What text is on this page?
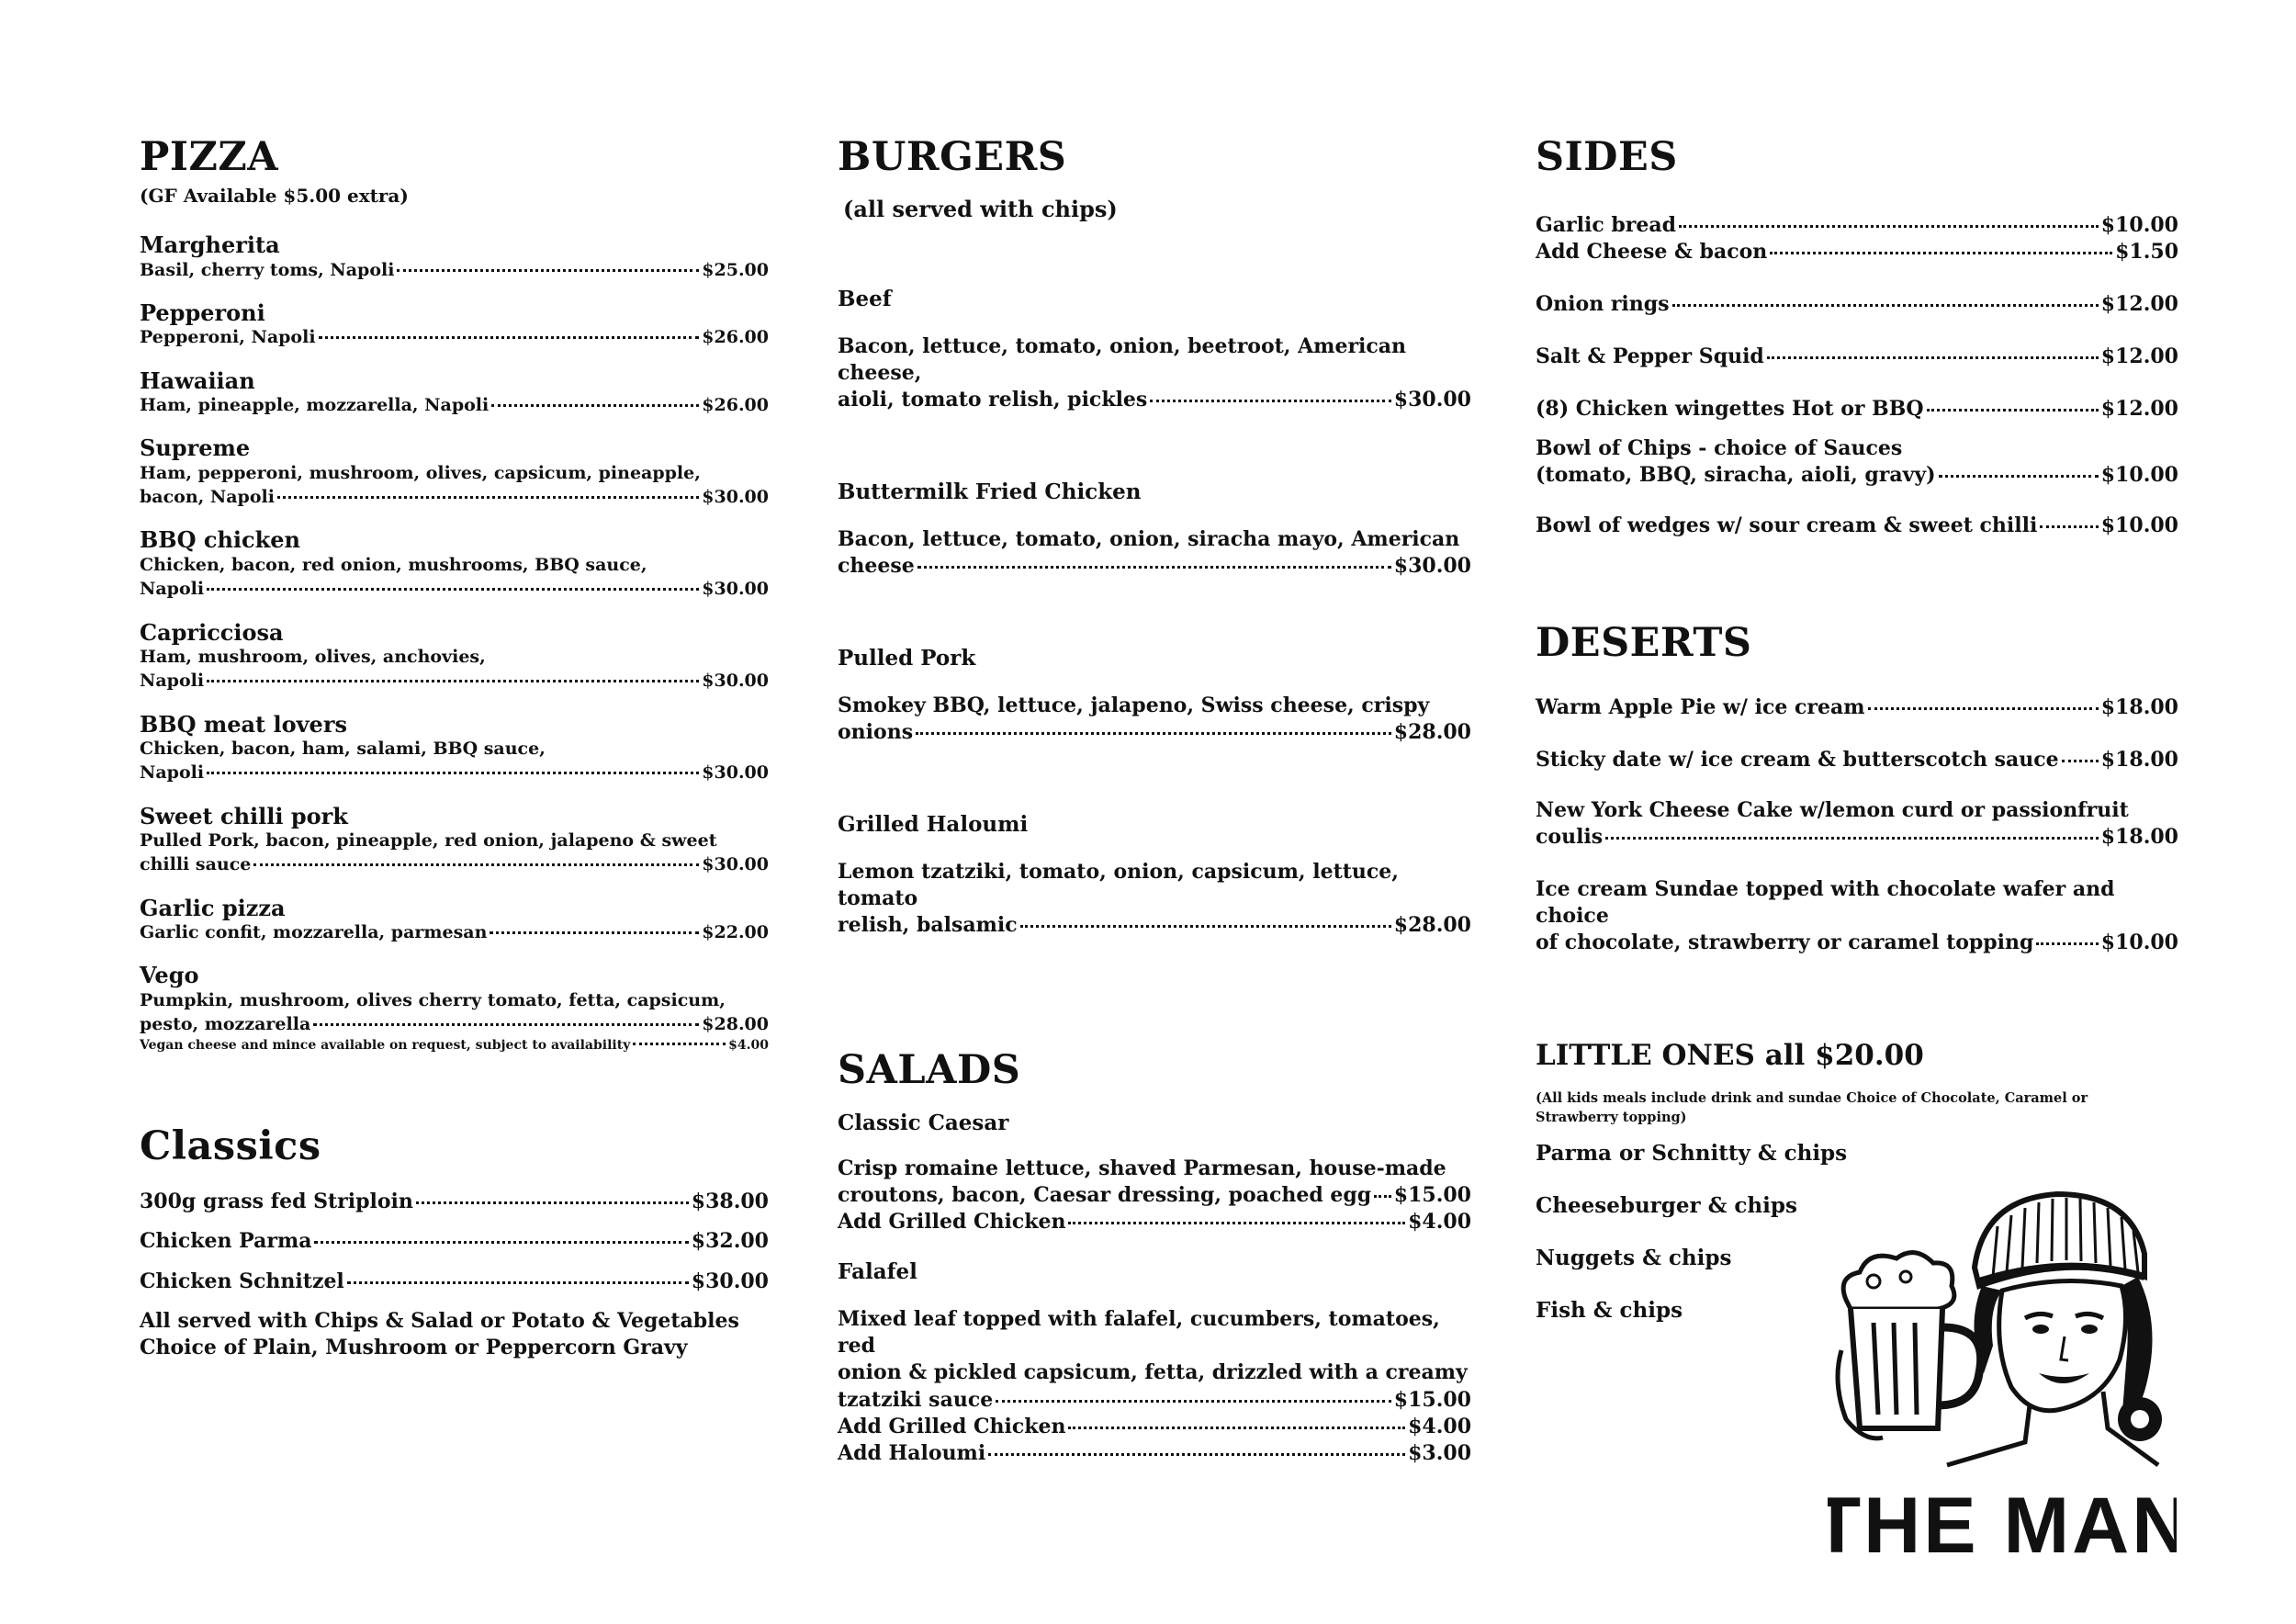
PIZZA
(GF Available $5.00 extra)
Margherita
Basil, cherry toms, Napoli	$25.00
Pepperoni
Pepperoni, Napoli	$26.00
Hawaiian
Ham, pineapple, mozzarella, Napoli	$26.00
Supreme
Ham, pepperoni, mushroom, olives, capsicum, pineapple,
bacon, Napoli	$30.00
BBQ chicken
Chicken, bacon, red onion, mushrooms, BBQ sauce,
Napoli	$30.00
Capricciosa
Ham, mushroom, olives, anchovies,
Napoli	$30.00
BBQ meat lovers
Chicken, bacon, ham, salami, BBQ sauce,
Napoli	$30.00
Sweet chilli pork
Pulled Pork, bacon, pineapple, red onion, jalapeno & sweet
chilli sauce	$30.00
Garlic pizza
Garlic confit, mozzarella, parmesan	$22.00
Vego
Pumpkin, mushroom, olives cherry tomato, fetta, capsicum,
pesto, mozzarella	$28.00
Vegan cheese and mince available on request, subject to availability	$4.00
Classics
300g grass fed Striploin	$38.00
Chicken Parma	$32.00
Chicken Schnitzel	$30.00
All served with Chips & Salad or Potato & Vegetables
Choice of Plain, Mushroom or Peppercorn Gravy
BURGERS
(all served with chips)
Beef
Bacon, lettuce, tomato, onion, beetroot, American cheese,
aioli, tomato relish, pickles	$30.00
Buttermilk Fried Chicken
Bacon, lettuce, tomato, onion, siracha mayo, American
cheese	$30.00
Pulled Pork
Smokey BBQ, lettuce, jalapeno, Swiss cheese, crispy
onions	$28.00
Grilled Haloumi
Lemon tzatziki, tomato, onion, capsicum, lettuce, tomato
relish, balsamic	$28.00
SALADS
Classic Caesar
Crisp romaine lettuce, shaved Parmesan, house-made
croutons, bacon, Caesar dressing, poached egg $15.00
Add Grilled Chicken	$4.00
Falafel
Mixed leaf topped with falafel, cucumbers, tomatoes, red
onion & pickled capsicum, fetta, drizzled with a creamy
tzatziki sauce	$15.00
Add Grilled Chicken	$4.00
Add Haloumi	$3.00
SIDES
Garlic bread	$10.00
Add Cheese & bacon	$1.50
Onion rings	$12.00
Salt & Pepper Squid	$12.00
(8) Chicken wingettes Hot or BBQ	$12.00
Bowl of Chips - choice of Sauces
(tomato, BBQ, siracha, aioli, gravy)	$10.00
Bowl of wedges w/ sour cream & sweet chilli	$10.00
DESERTS
Warm Apple Pie w/ ice cream	$18.00
Sticky date w/ ice cream & butterscotch sauce $18.00
New York Cheese Cake w/lemon curd or passionfruit
coulis	$18.00
Ice cream Sundae topped with chocolate wafer and choice
of chocolate, strawberry or caramel topping	$10.00
LITTLE ONES all $20.00
(All kids meals include drink and sundae Choice of Chocolate, Caramel or Strawberry topping)
Parma or Schnitty & chips
Cheeseburger & chips
Nuggets & chips
Fish & chips
THE MAN
